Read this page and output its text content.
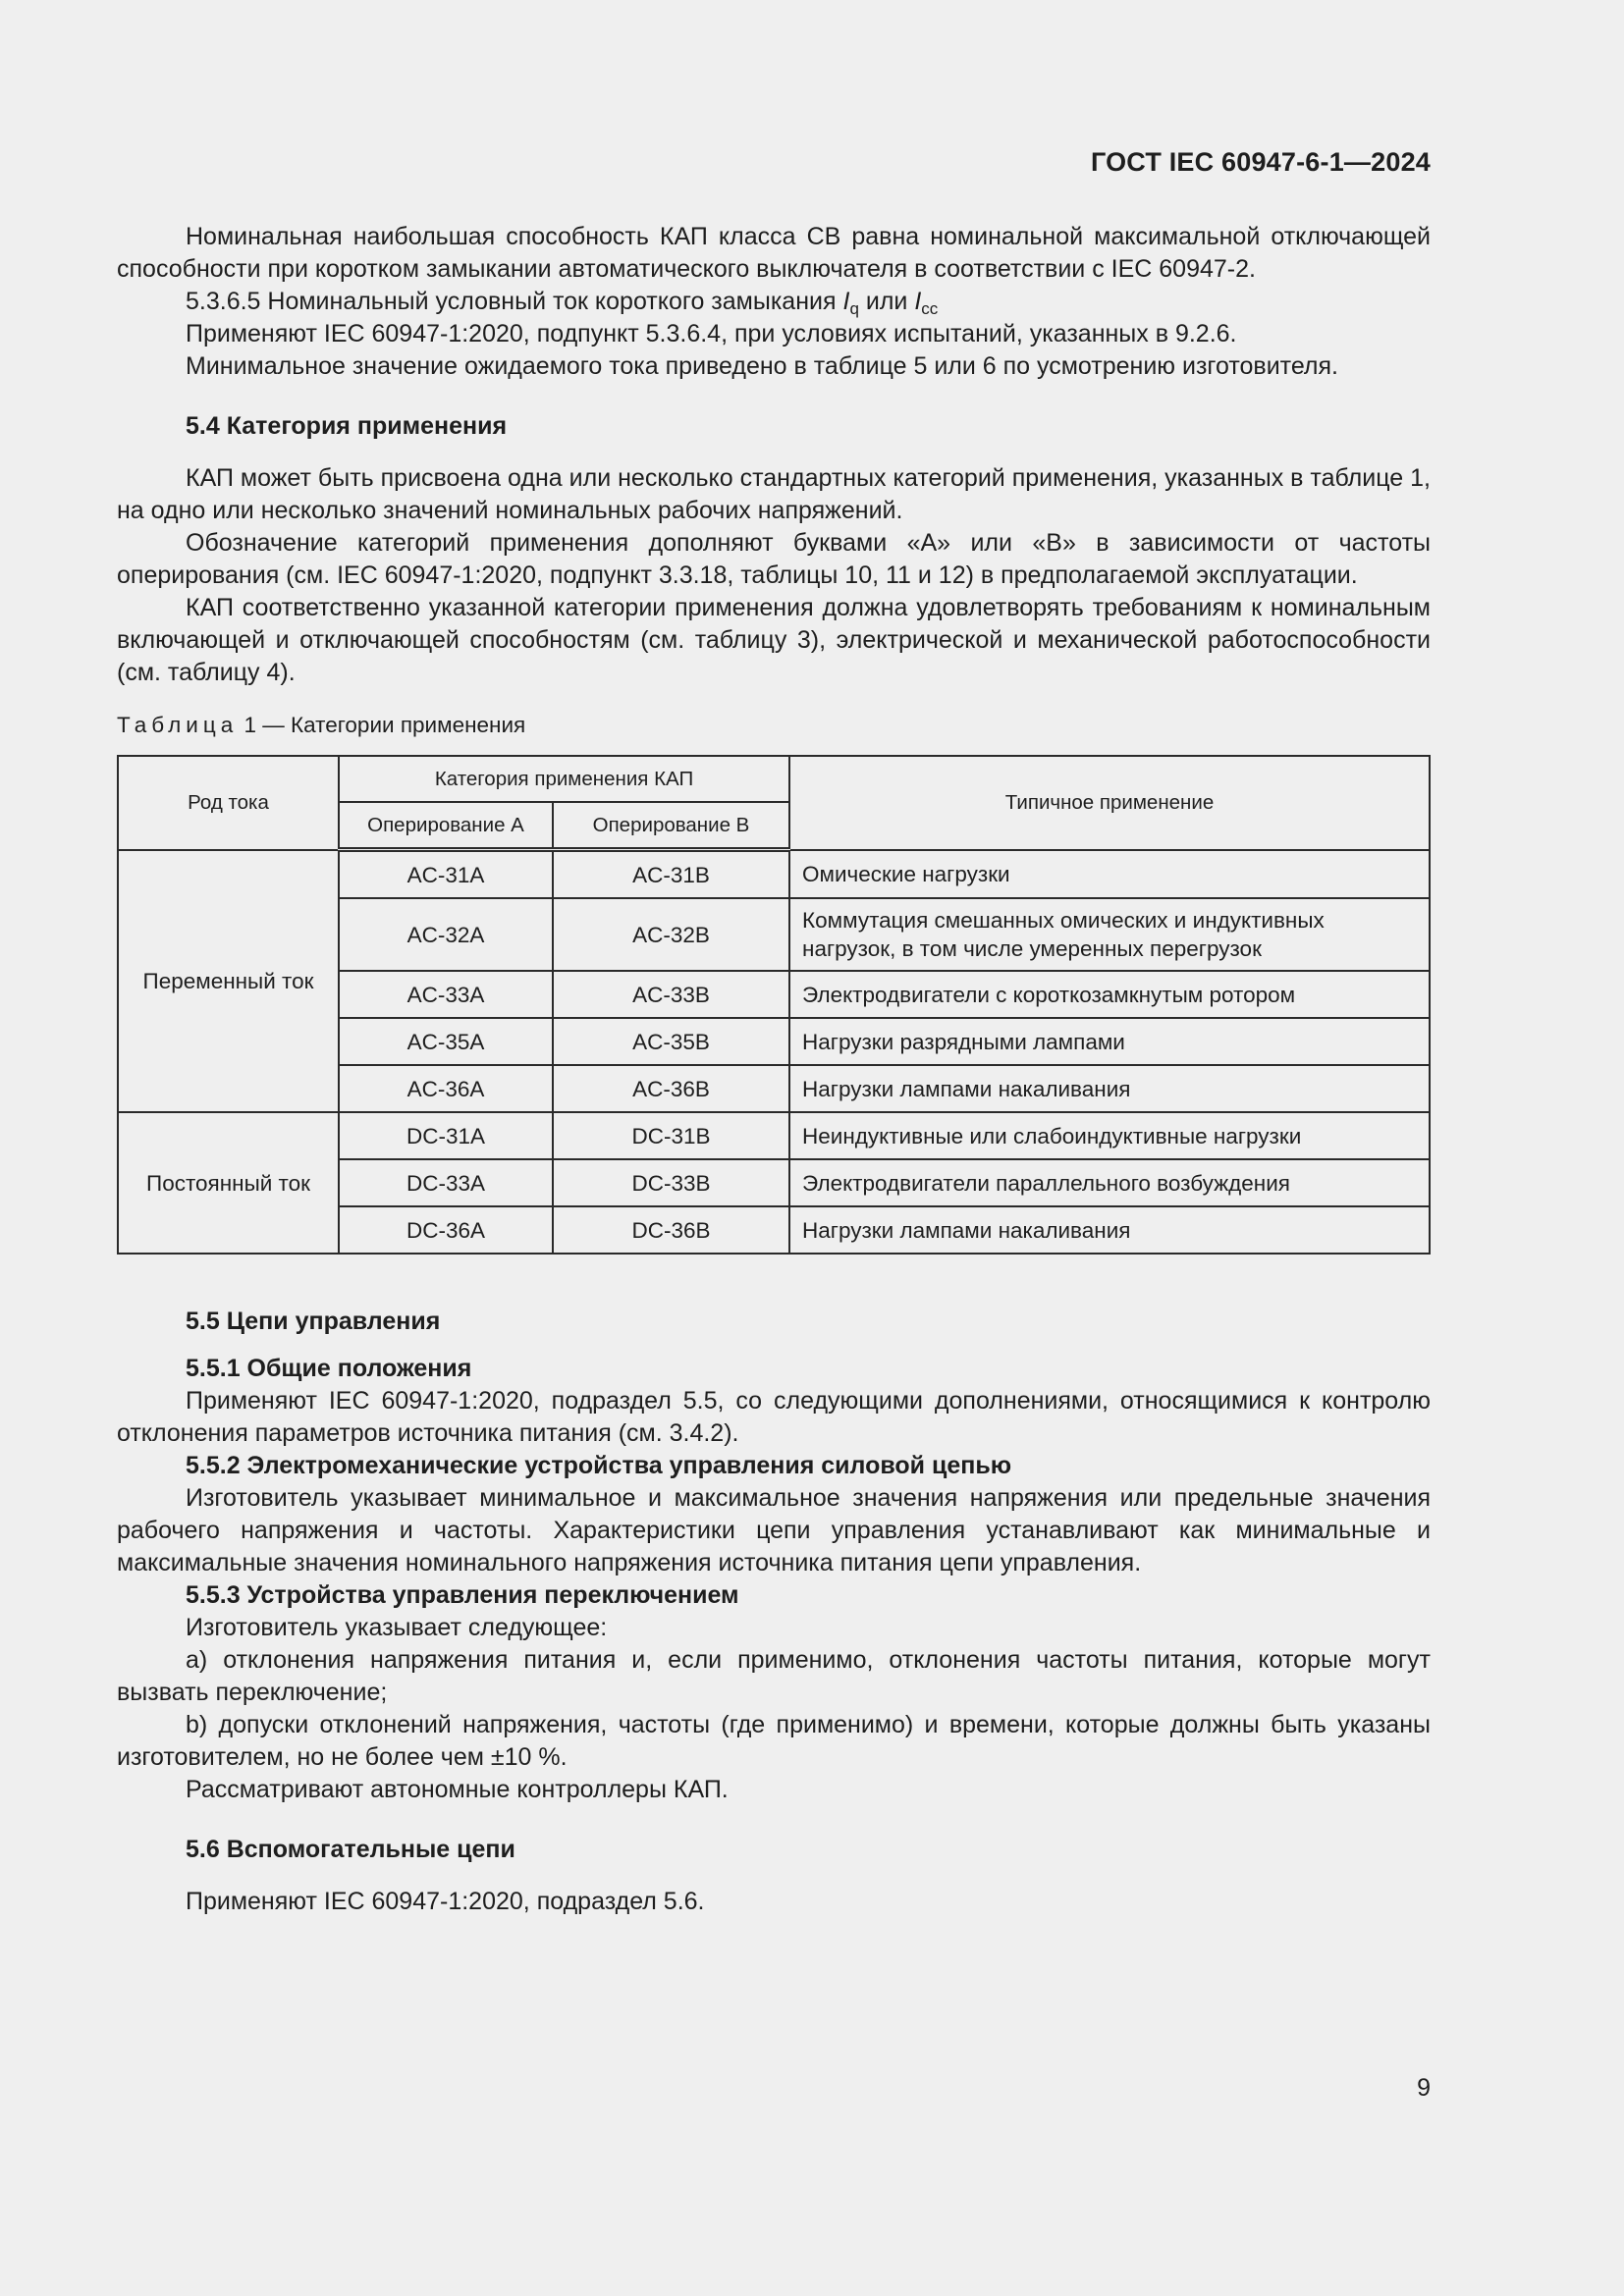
ГОСТ IEC 60947-6-1—2024

Номинальная наибольшая способность КАП класса СВ равна номинальной максимальной отключающей способности при коротком замыкании автоматического выключателя в соответствии с IEC 60947-2.

5.3.6.5 Номинальный условный ток короткого замыкания $I_q$ или $I_{cc}$

Применяют IEC 60947-1:2020, подпункт 5.3.6.4, при условиях испытаний, указанных в 9.2.6.

Минимальное значение ожидаемого тока приведено в таблице 5 или 6 по усмотрению изготовителя.

5.4 Категория применения

КАП может быть присвоена одна или несколько стандартных категорий применения, указанных в таблице 1, на одно или несколько значений номинальных рабочих напряжений.

Обозначение категорий применения дополняют буквами «А» или «В» в зависимости от частоты оперирования (см. IEC 60947-1:2020, подпункт 3.3.18, таблицы 10, 11 и 12) в предполагаемой эксплуатации.

КАП соответственно указанной категории применения должна удовлетворять требованиям к номинальным включающей и отключающей способностям (см. таблицу 3), электрической и механической работоспособности (см. таблицу 4).

Таблица 1 — Категории применения

Род тока	Категория применения КАП		Типичное применение
	Оперирование А	Оперирование В	
Переменный ток	AC-31A	AC-31B	Омические нагрузки
	AC-32A	AC-32B	Коммутация смешанных омических и индуктивных нагрузок, в том числе умеренных перегрузок
	AC-33A	AC-33B	Электродвигатели с короткозамкнутым ротором
	AC-35A	AC-35B	Нагрузки разрядными лампами
	AC-36A	AC-36B	Нагрузки лампами накаливания
Постоянный ток	DC-31A	DC-31B	Неиндуктивные или слабоиндуктивные нагрузки
	DC-33A	DC-33B	Электродвигатели параллельного возбуждения
	DC-36A	DC-36B	Нагрузки лампами накаливания

5.5 Цепи управления

5.5.1 Общие положения

Применяют IEC 60947-1:2020, подраздел 5.5, со следующими дополнениями, относящимися к контролю отклонения параметров источника питания (см. 3.4.2).

5.5.2 Электромеханические устройства управления силовой цепью

Изготовитель указывает минимальное и максимальное значения напряжения или предельные значения рабочего напряжения и частоты. Характеристики цепи управления устанавливают как минимальные и максимальные значения номинального напряжения источника питания цепи управления.

5.5.3 Устройства управления переключением

Изготовитель указывает следующее:

a) отклонения напряжения питания и, если применимо, отклонения частоты питания, которые могут вызвать переключение;

b) допуски отклонений напряжения, частоты (где применимо) и времени, которые должны быть указаны изготовителем, но не более чем ±10 %.

Рассматривают автономные контроллеры КАП.

5.6 Вспомогательные цепи

Применяют IEC 60947-1:2020, подраздел 5.6.

9
